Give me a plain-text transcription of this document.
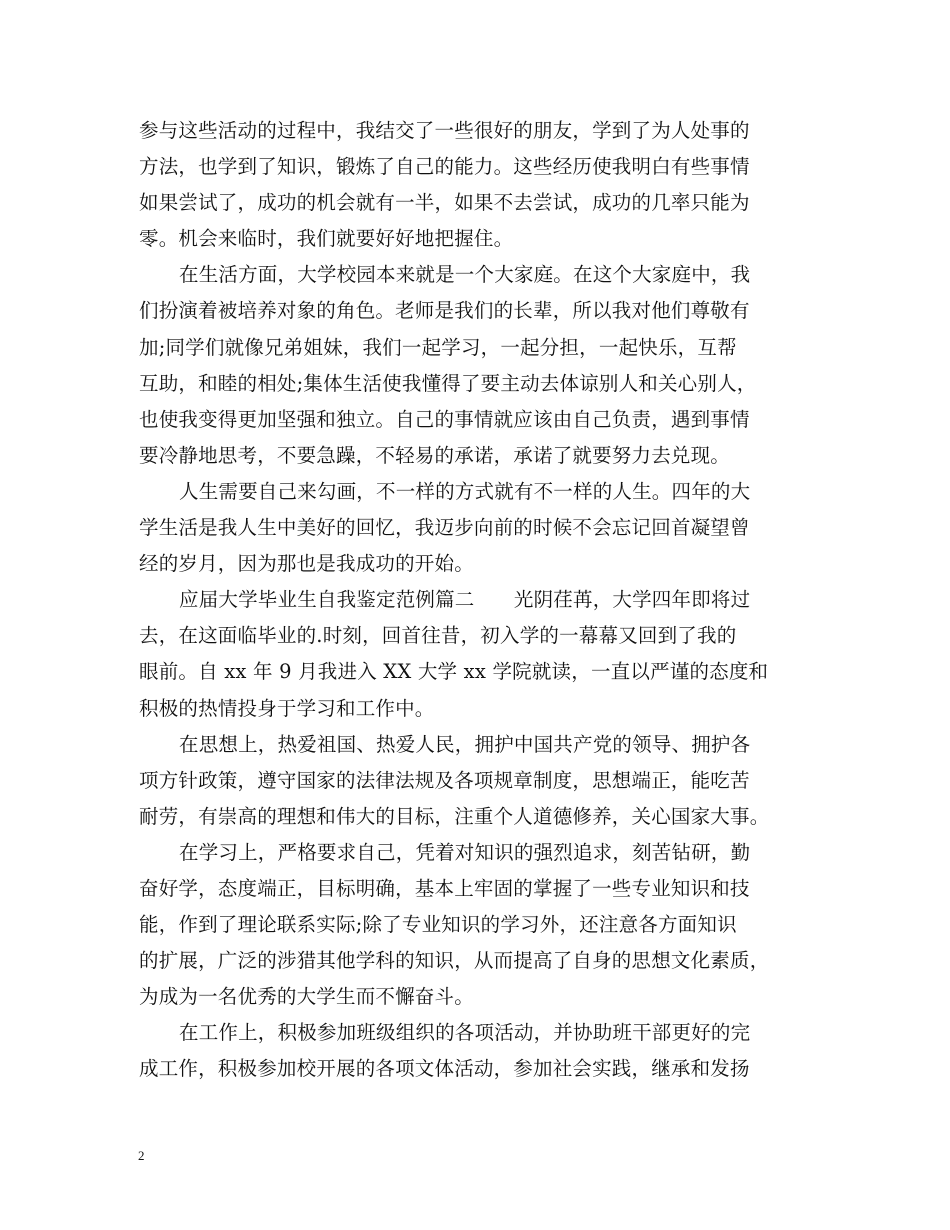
参与这些活动的过程中，我结交了一些很好的朋友，学到了为人处事的
方法，也学到了知识，锻炼了自己的能力。这些经历使我明白有些事情
如果尝试了，成功的机会就有一半，如果不去尝试，成功的几率只能为
零。机会来临时，我们就要好好地把握住。
在生活方面，大学校园本来就是一个大家庭。在这个大家庭中，我
们扮演着被培养对象的角色。老师是我们的长辈，所以我对他们尊敬有
加;同学们就像兄弟姐妹，我们一起学习，一起分担，一起快乐，互帮
互助，和睦的相处;集体生活使我懂得了要主动去体谅别人和关心别人，
也使我变得更加坚强和独立。自己的事情就应该由自己负责，遇到事情
要冷静地思考，不要急躁，不轻易的承诺，承诺了就要努力去兑现。
人生需要自己来勾画，不一样的方式就有不一样的人生。四年的大
学生活是我人生中美好的回忆，我迈步向前的时候不会忘记回首凝望曾
经的岁月，因为那也是我成功的开始。
应届大学毕业生自我鉴定范例篇二　　光阴荏苒，大学四年即将过
去，在这面临毕业的.时刻，回首往昔，初入学的一幕幕又回到了我的
眼前。自 xx 年 9 月我进入 XX 大学 xx 学院就读，一直以严谨的态度和
积极的热情投身于学习和工作中。
在思想上，热爱祖国、热爱人民，拥护中国共产党的领导、拥护各
项方针政策，遵守国家的法律法规及各项规章制度，思想端正，能吃苦
耐劳，有崇高的理想和伟大的目标，注重个人道德修养，关心国家大事。
在学习上，严格要求自己，凭着对知识的强烈追求，刻苦钻研，勤
奋好学，态度端正，目标明确，基本上牢固的掌握了一些专业知识和技
能，作到了理论联系实际;除了专业知识的学习外，还注意各方面知识
的扩展，广泛的涉猎其他学科的知识，从而提高了自身的思想文化素质，
为成为一名优秀的大学生而不懈奋斗。
在工作上，积极参加班级组织的各项活动，并协助班干部更好的完
成工作，积极参加校开展的各项文体活动，参加社会实践，继承和发扬
2
